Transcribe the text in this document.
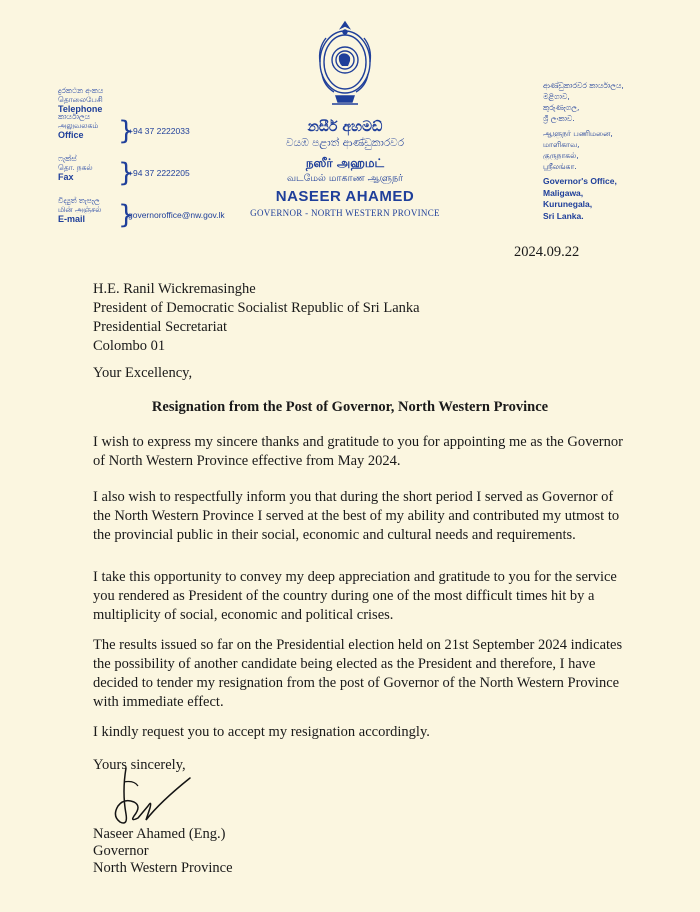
දුරකථන අංකය
தொலைபேசி
Telephone
කාර්යාලය
அலுவலகம்
Office	}
+94 37 2222033
ෆැක්ස්
தொ. நகல்
Fax	}
+94 37 2222205
විද්‍යුත් තැපෑල
மின் அஞ்சல்
E-mail	}
governoroffice@nw.gov.lk
නසීර් අහමඩ්
වයඹ පළාත් ආණ්ඩුකාරවර
நஸீர் அஹமட்
வடமேல் மாகாண ஆளுநர்
NASEER AHAMED
GOVERNOR - NORTH WESTERN PROVINCE
ආණ්ඩුකාරවර කාර්යාලය,
මළිගාව,
කුරුණෑගල,
ශ්‍රී ලංකාව.
ஆளுநர் பணிமனை,
மாளிகாவ,
குருநாகல்,
ஸ்ரீலங்கா.
Governor's Office,
Maligawa,
Kurunegala,
Sri Lanka.
2024.09.22
H.E. Ranil Wickremasinghe
President of Democratic Socialist Republic of Sri Lanka
Presidential Secretariat
Colombo 01
Your Excellency,
Resignation from the Post of Governor, North Western Province
I wish to express my sincere thanks and gratitude to you for appointing me as the Governor of North Western Province effective from May 2024.
I also wish to respectfully inform you that during the short period I served as Governor of the North Western Province I served at the best of my ability and contributed my utmost to the provincial public in their social, economic and cultural needs and requirements.
I take this opportunity to convey my deep appreciation and gratitude to you for the service you rendered as President of the country during one of the most difficult times hit by a multiplicity of social, economic and political crises.
The results issued so far on the Presidential election held on 21st September 2024 indicates the possibility of another candidate being elected as the President and therefore, I have decided to tender my resignation from the post of Governor of the North Western Province with immediate effect.
I kindly request you to accept my resignation accordingly.
Yours sincerely,
Naseer Ahamed (Eng.)
Governor
North Western Province
